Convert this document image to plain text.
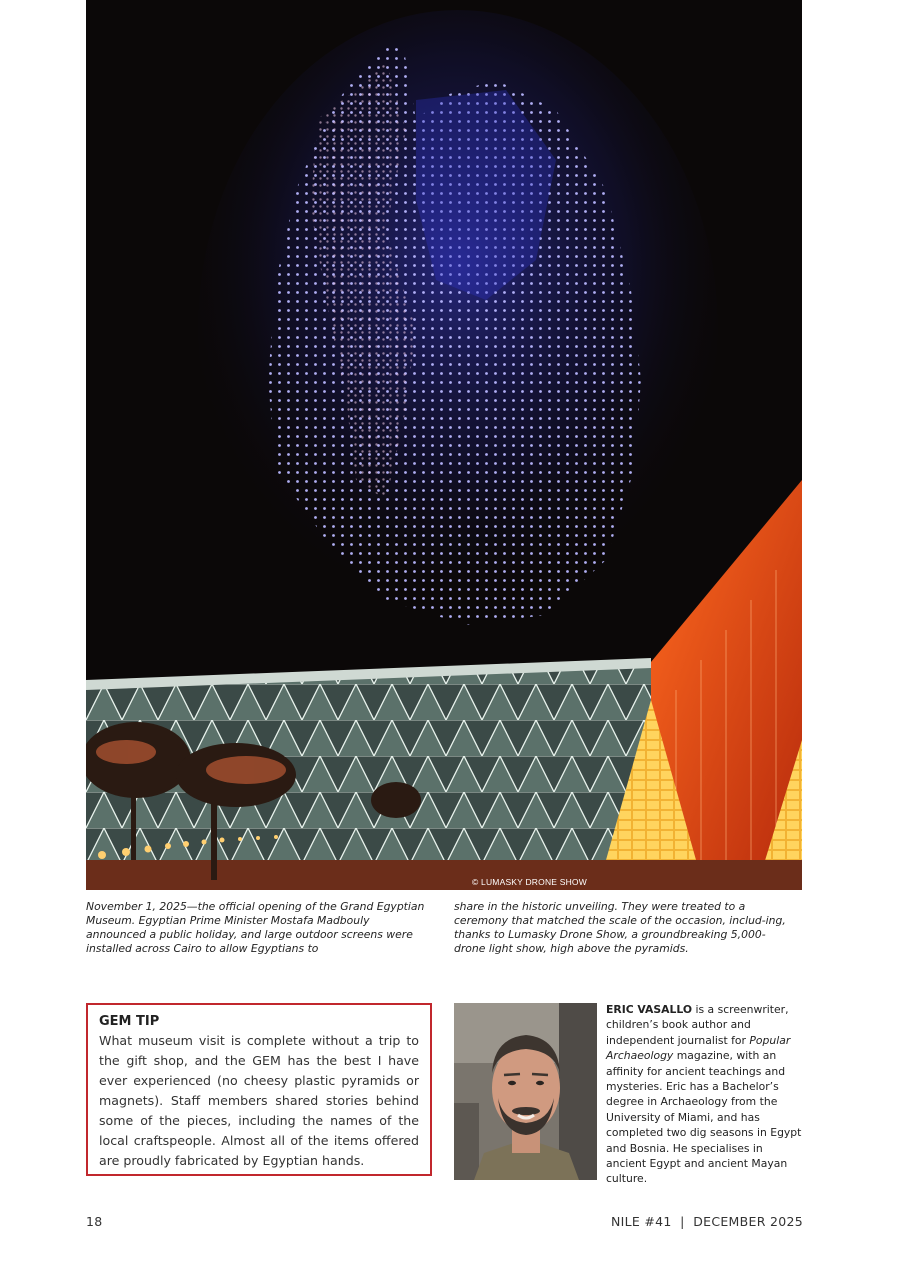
© LUMASKY DRONE SHOW
November 1, 2025—the official opening of the Grand Egyptian Museum. Egyptian Prime Minister Mostafa Madbouly announced a public holiday, and large outdoor screens were installed across Cairo to allow Egyptians to
share in the historic unveiling. They were treated to a ceremony that matched the scale of the occasion, includ-ing, thanks to Lumasky Drone Show, a groundbreaking 5,000-drone light show, high above the pyramids.
GEM TIP
What museum visit is complete without a trip to the gift shop, and the GEM has the best I have ever experienced (no cheesy plastic pyramids or magnets). Staff members shared stories behind some of the pieces, including the names of the local craftspeople. Almost all of the items offered are proudly fabricated by Egyptian hands.
ERIC VASALLO is a screenwriter, children’s book author and independent journalist for Popular Archaeology magazine, with an affinity for ancient teachings and mysteries. Eric has a Bachelor’s degree in Archaeology from the University of Miami, and has completed two dig seasons in Egypt and Bosnia. He specialises in ancient Egypt and ancient Mayan culture.
18	NILE #41  |  DECEMBER 2025
